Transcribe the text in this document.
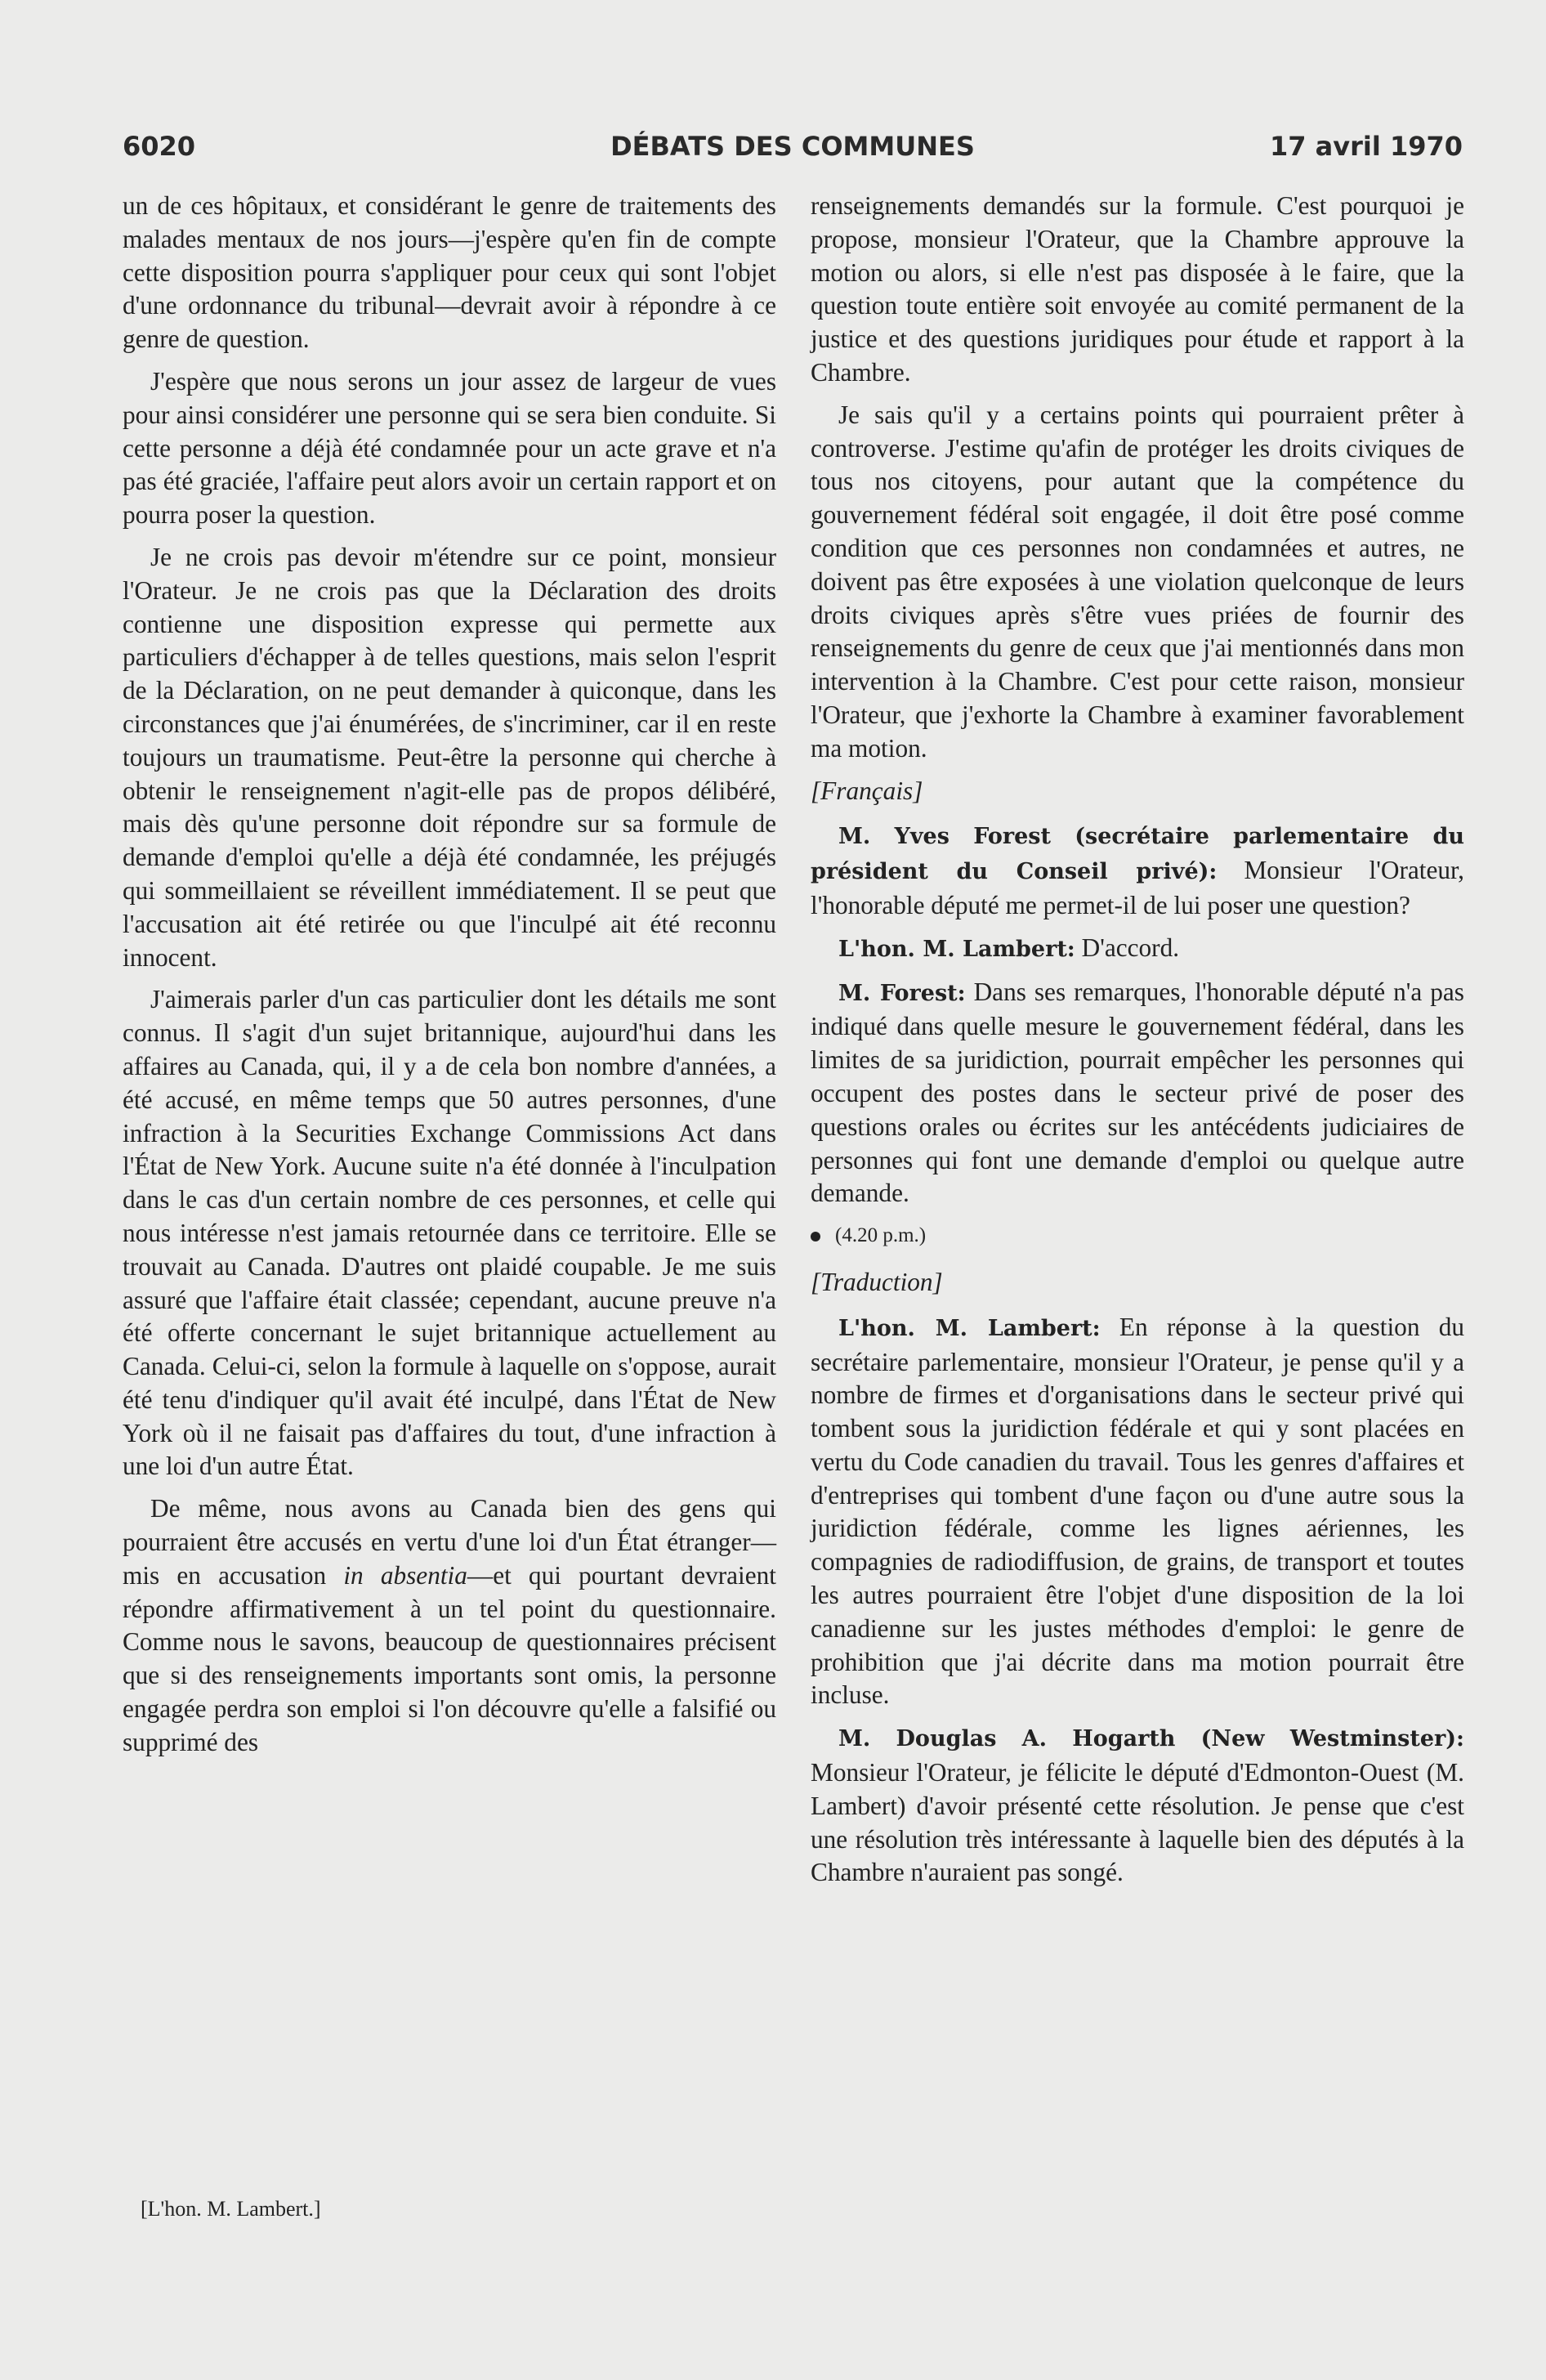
6020	DÉBATS DES COMMUNES	17 avril 1970

un de ces hôpitaux, et considérant le genre de traitements des malades mentaux de nos jours—j'espère qu'en fin de compte cette disposition pourra s'appliquer pour ceux qui sont l'objet d'une ordonnance du tribunal—devrait avoir à répondre à ce genre de question.

J'espère que nous serons un jour assez de largeur de vues pour ainsi considérer une personne qui se sera bien conduite. Si cette personne a déjà été condamnée pour un acte grave et n'a pas été graciée, l'affaire peut alors avoir un certain rapport et on pourra poser la question.

Je ne crois pas devoir m'étendre sur ce point, monsieur l'Orateur. Je ne crois pas que la Déclaration des droits contienne une disposition expresse qui permette aux particuliers d'échapper à de telles questions, mais selon l'esprit de la Déclaration, on ne peut demander à quiconque, dans les circonstances que j'ai énumérées, de s'incriminer, car il en reste toujours un traumatisme. Peut-être la personne qui cherche à obtenir le renseignement n'agit-elle pas de propos délibéré, mais dès qu'une personne doit répondre sur sa formule de demande d'emploi qu'elle a déjà été condamnée, les préjugés qui sommeillaient se réveillent immédiatement. Il se peut que l'accusation ait été retirée ou que l'inculpé ait été reconnu innocent.

J'aimerais parler d'un cas particulier dont les détails me sont connus. Il s'agit d'un sujet britannique, aujourd'hui dans les affaires au Canada, qui, il y a de cela bon nombre d'années, a été accusé, en même temps que 50 autres personnes, d'une infraction à la Securities Exchange Commissions Act dans l'État de New York. Aucune suite n'a été donnée à l'inculpation dans le cas d'un certain nombre de ces personnes, et celle qui nous intéresse n'est jamais retournée dans ce territoire. Elle se trouvait au Canada. D'autres ont plaidé coupable. Je me suis assuré que l'affaire était classée; cependant, aucune preuve n'a été offerte concernant le sujet britannique actuellement au Canada. Celui-ci, selon la formule à laquelle on s'oppose, aurait été tenu d'indiquer qu'il avait été inculpé, dans l'État de New York où il ne faisait pas d'affaires du tout, d'une infraction à une loi d'un autre État.

De même, nous avons au Canada bien des gens qui pourraient être accusés en vertu d'une loi d'un État étranger—mis en accusation in absentia—et qui pourtant devraient répondre affirmativement à un tel point du questionnaire. Comme nous le savons, beaucoup de questionnaires précisent que si des renseignements importants sont omis, la personne engagée perdra son emploi si l'on découvre qu'elle a falsifié ou supprimé des

[L'hon. M. Lambert.]

renseignements demandés sur la formule. C'est pourquoi je propose, monsieur l'Orateur, que la Chambre approuve la motion ou alors, si elle n'est pas disposée à le faire, que la question toute entière soit envoyée au comité permanent de la justice et des questions juridiques pour étude et rapport à la Chambre.

Je sais qu'il y a certains points qui pourraient prêter à controverse. J'estime qu'afin de protéger les droits civiques de tous nos citoyens, pour autant que la compétence du gouvernement fédéral soit engagée, il doit être posé comme condition que ces personnes non condamnées et autres, ne doivent pas être exposées à une violation quelconque de leurs droits civiques après s'être vues priées de fournir des renseignements du genre de ceux que j'ai mentionnés dans mon intervention à la Chambre. C'est pour cette raison, monsieur l'Orateur, que j'exhorte la Chambre à examiner favorablement ma motion.

[Français]

M. Yves Forest (secrétaire parlementaire du président du Conseil privé): Monsieur l'Orateur, l'honorable député me permet-il de lui poser une question?

L'hon. M. Lambert: D'accord.

M. Forest: Dans ses remarques, l'honorable député n'a pas indiqué dans quelle mesure le gouvernement fédéral, dans les limites de sa juridiction, pourrait empêcher les personnes qui occupent des postes dans le secteur privé de poser des questions orales ou écrites sur les antécédents judiciaires de personnes qui font une demande d'emploi ou quelque autre demande.

(4.20 p.m.)

[Traduction]

L'hon. M. Lambert: En réponse à la question du secrétaire parlementaire, monsieur l'Orateur, je pense qu'il y a nombre de firmes et d'organisations dans le secteur privé qui tombent sous la juridiction fédérale et qui y sont placées en vertu du Code canadien du travail. Tous les genres d'affaires et d'entreprises qui tombent d'une façon ou d'une autre sous la juridiction fédérale, comme les lignes aériennes, les compagnies de radiodiffusion, de grains, de transport et toutes les autres pourraient être l'objet d'une disposition de la loi canadienne sur les justes méthodes d'emploi: le genre de prohibition que j'ai décrite dans ma motion pourrait être incluse.

M. Douglas A. Hogarth (New Westminster): Monsieur l'Orateur, je félicite le député d'Edmonton-Ouest (M. Lambert) d'avoir présenté cette résolution. Je pense que c'est une résolution très intéressante à laquelle bien des députés à la Chambre n'auraient pas songé.
